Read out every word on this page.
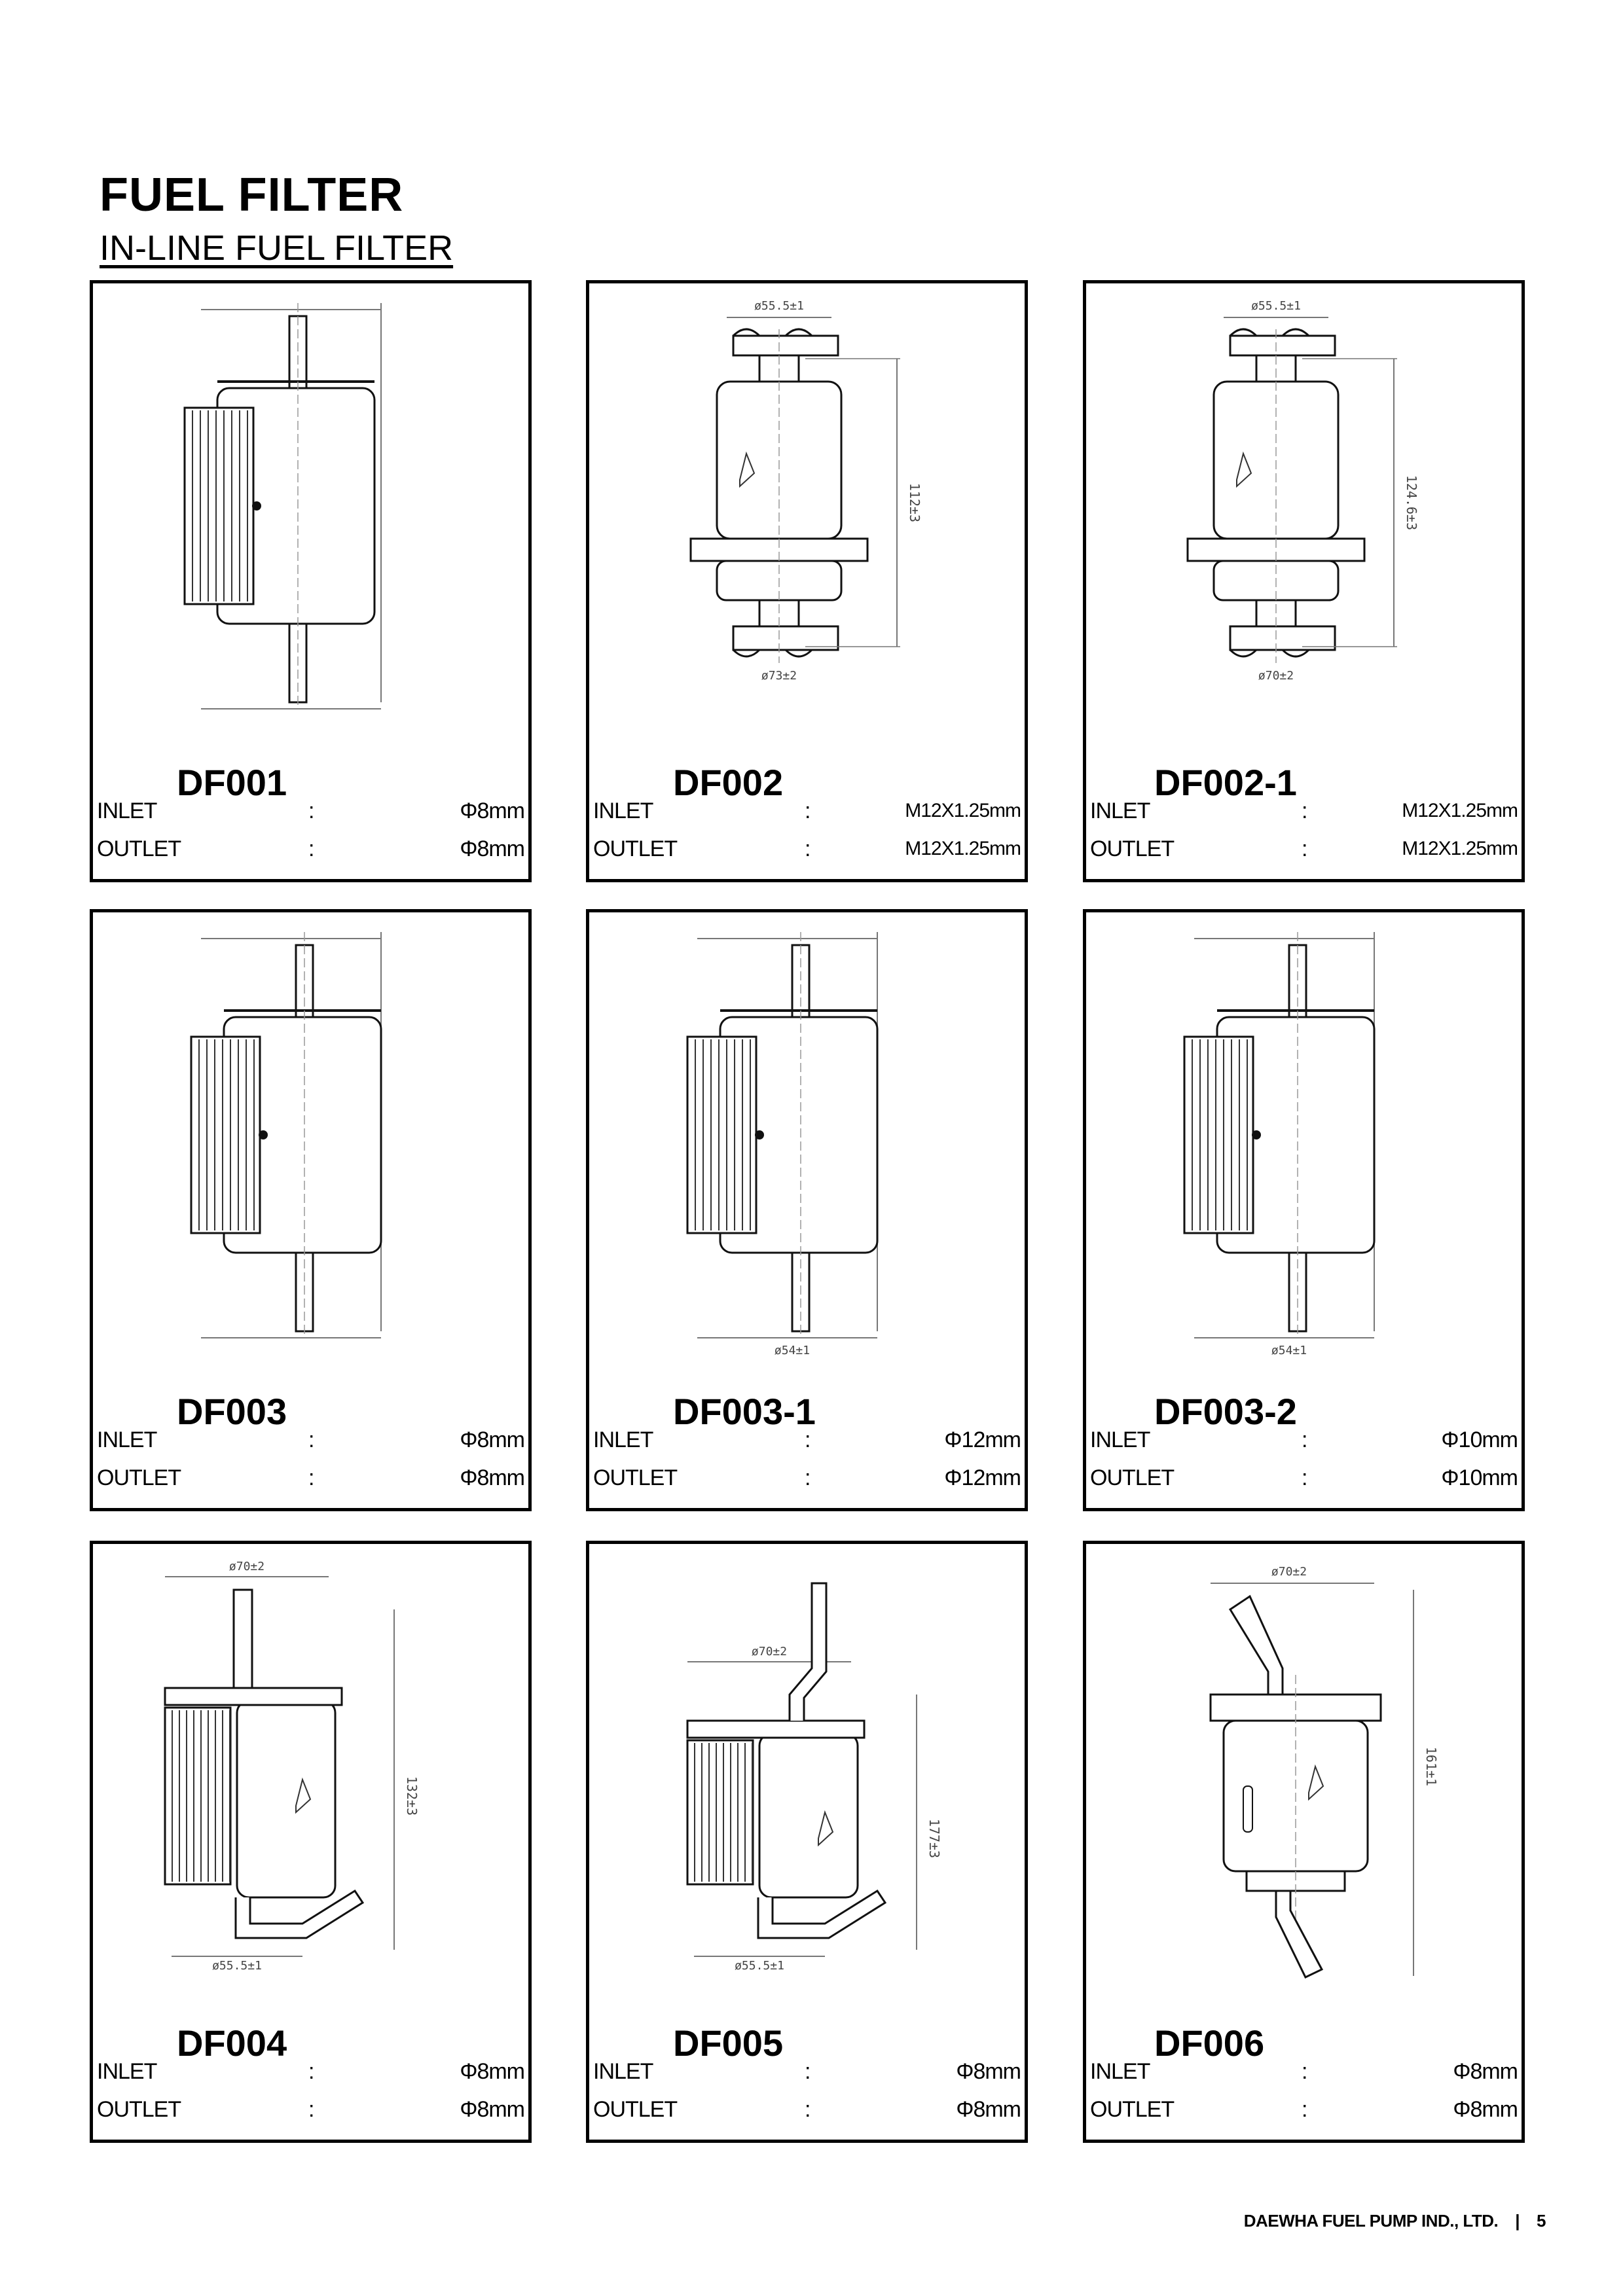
FUEL FILTER
IN-LINE FUEL FILTER
DF001
INLET	:	Φ8mm
OUTLET	:	Φ8mm
ø55.5±1
112±3
ø73±2
DF002
INLET	:	M12X1.25mm
OUTLET	:	M12X1.25mm
ø55.5±1
124.6±3
ø70±2
DF002-1
INLET	:	M12X1.25mm
OUTLET	:	M12X1.25mm
DF003
INLET	:	Φ8mm
OUTLET	:	Φ8mm
ø54±1
DF003-1
INLET	:	Φ12mm
OUTLET	:	Φ12mm
ø54±1
DF003-2
INLET	:	Φ10mm
OUTLET	:	Φ10mm
ø70±2
132±3
ø55.5±1
DF004
INLET	:	Φ8mm
OUTLET	:	Φ8mm
ø70±2
177±3
ø55.5±1
DF005
INLET	:	Φ8mm
OUTLET	:	Φ8mm
ø70±2
161±1
DF006
INLET	:	Φ8mm
OUTLET	:	Φ8mm
DAEWHA FUEL PUMP IND., LTD. | 5
